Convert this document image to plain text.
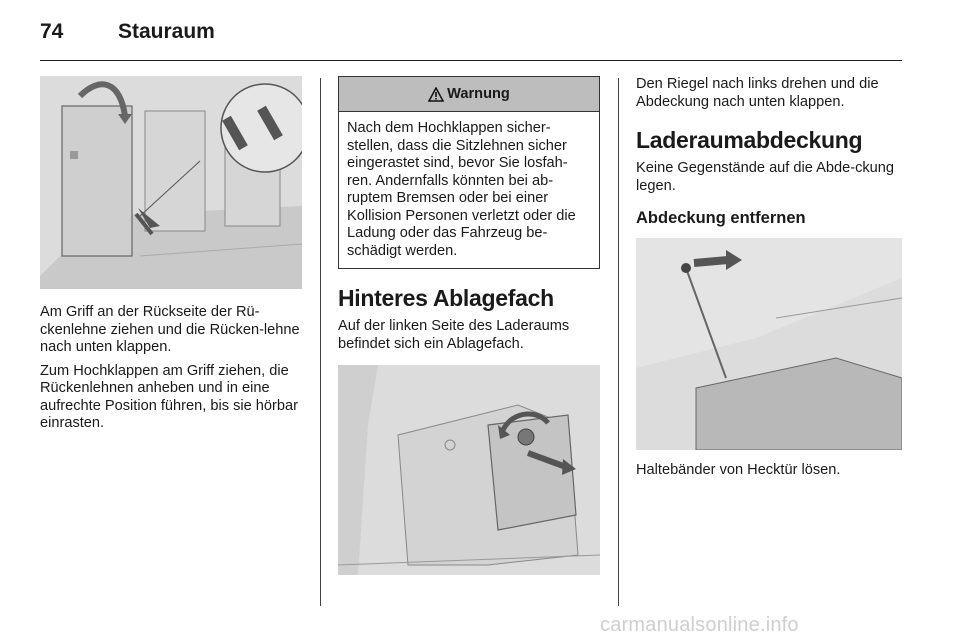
74	Stauraum

Am Griff an der Rückseite der Rü-ckenlehne ziehen und die Rücken-lehne nach unten klappen.

Zum Hochklappen am Griff ziehen, die Rückenlehnen anheben und in eine aufrechte Position führen, bis sie hörbar einrasten.

Warnung

Nach dem Hochklappen sicher-stellen, dass die Sitzlehnen sicher eingerastet sind, bevor Sie losfah-ren. Andernfalls könnten bei ab-ruptem Bremsen oder bei einer Kollision Personen verletzt oder die Ladung oder das Fahrzeug be-schädigt werden.

Hinteres Ablagefach

Auf der linken Seite des Laderaums befindet sich ein Ablagefach.

Den Riegel nach links drehen und die Abdeckung nach unten klappen.

Laderaumabdeckung

Keine Gegenstände auf die Abde-ckung legen.

Abdeckung entfernen

Haltebänder von Hecktür lösen.

carmanualsonline.info
